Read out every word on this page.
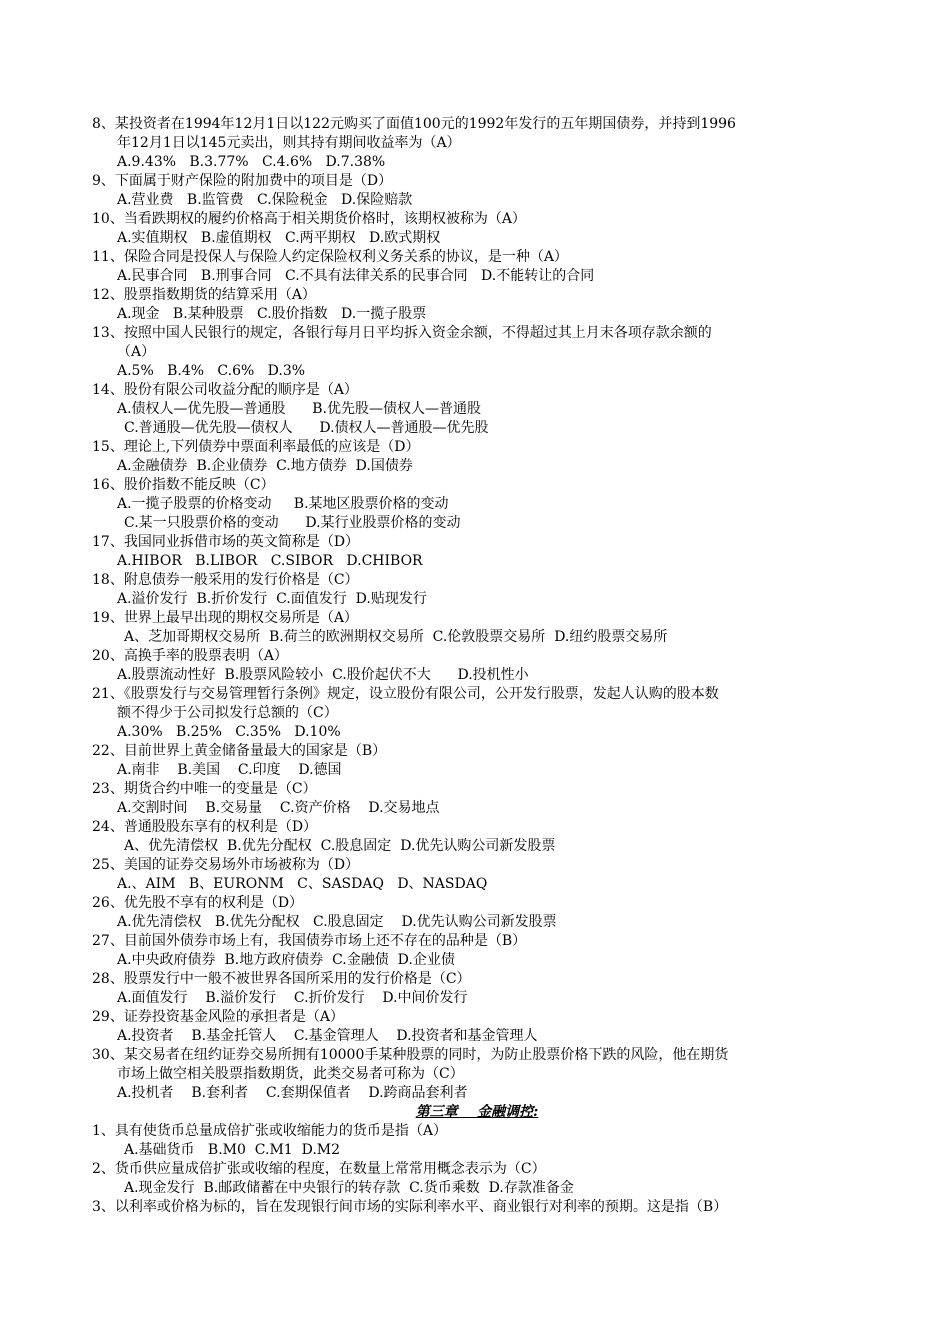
8、某投资者在1994年12月1日以122元购买了面值100元的1992年发行的五年期国债券，并持到1996
年12月1日以145元卖出，则其持有期间收益率为（A）
A.9.43%   B.3.77%   C.4.6%   D.7.38%
9、下面属于财产保险的附加费中的项目是（D）
A.营业费   B.监管费   C.保险税金   D.保险赔款
10、当看跌期权的履约价格高于相关期货价格时，该期权被称为（A）
A.实值期权   B.虚值期权   C.两平期权   D.欧式期权
11、保险合同是投保人与保险人约定保险权利义务关系的协议，是一种（A）
A.民事合同   B.刑事合同   C.不具有法律关系的民事合同   D.不能转让的合同
12、股票指数期货的结算采用（A）
A.现金   B.某种股票   C.股价指数   D.一揽子股票
13、按照中国人民银行的规定，各银行每月日平均拆入资金余额，不得超过其上月末各项存款余额的
（A）
A.5%   B.4%   C.6%   D.3%
14、股份有限公司收益分配的顺序是（A）
A.债权人—优先股—普通股      B.优先股—债权人—普通股
C.普通股—优先股—债权人      D.债权人—普通股—优先股
15、理论上,下列债券中票面利率最低的应该是（D）
A.金融债券  B.企业债券  C.地方债券  D.国债券
16、股价指数不能反映（C）
A.一揽子股票的价格变动     B.某地区股票价格的变动
C.某一只股票价格的变动      D.某行业股票价格的变动
17、我国同业拆借市场的英文简称是（D）
A.HIBOR   B.LIBOR   C.SIBOR   D.CHIBOR
18、附息债券一般采用的发行价格是（C）
A.溢价发行  B.折价发行  C.面值发行  D.贴现发行
19、世界上最早出现的期权交易所是（A）
A、芝加哥期权交易所  B.荷兰的欧洲期权交易所  C.伦敦股票交易所  D.纽约股票交易所
20、高换手率的股票表明（A）
A.股票流动性好  B.股票风险较小  C.股价起伏不大      D.投机性小
21、《股票发行与交易管理暂行条例》规定，设立股份有限公司，公开发行股票，发起人认购的股本数
额不得少于公司拟发行总额的（C）
A.30%   B.25%   C.35%   D.10%
22、目前世界上黄金储备量最大的国家是（B）
A.南非    B.美国    C.印度    D.德国
23、期货合约中唯一的变量是（C）
A.交割时间    B.交易量    C.资产价格    D.交易地点
24、普通股股东享有的权利是（D）
A、优先清偿权  B.优先分配权  C.股息固定  D.优先认购公司新发股票
25、美国的证券交易场外市场被称为（D）
A.、AIM   B、EURONM   C、SASDAQ   D、NASDAQ
26、优先股不享有的权利是（D）
A.优先清偿权   B.优先分配权   C.股息固定    D.优先认购公司新发股票
27、目前国外债券市场上有，我国债券市场上还不存在的品种是（B）
A.中央政府债券  B.地方政府债券  C.金融债  D.企业债
28、股票发行中一般不被世界各国所采用的发行价格是（C）
A.面值发行    B.溢价发行    C.折价发行    D.中间价发行
29、证券投资基金风险的承担者是（A）
A.投资者    B.基金托管人    C.基金管理人    D.投资者和基金管理人
30、某交易者在纽约证券交易所拥有10000手某种股票的同时，为防止股票价格下跌的风险，他在期货
市场上做空相关股票指数期货，此类交易者可称为（C）
A.投机者    B.套利者    C.套期保值者    D.跨商品套利者
第三章    金融调控:
1、具有使货币总量成倍扩张或收缩能力的货币是指（A）
A.基础货币   B.M0  C.M1  D.M2
2、货币供应量成倍扩张或收缩的程度，在数量上常常用概念表示为（C）
A.现金发行  B.邮政储蓄在中央银行的转存款  C.货币乘数  D.存款准备金
3、以利率或价格为标的，旨在发现银行间市场的实际利率水平、商业银行对利率的预期。这是指（B）
